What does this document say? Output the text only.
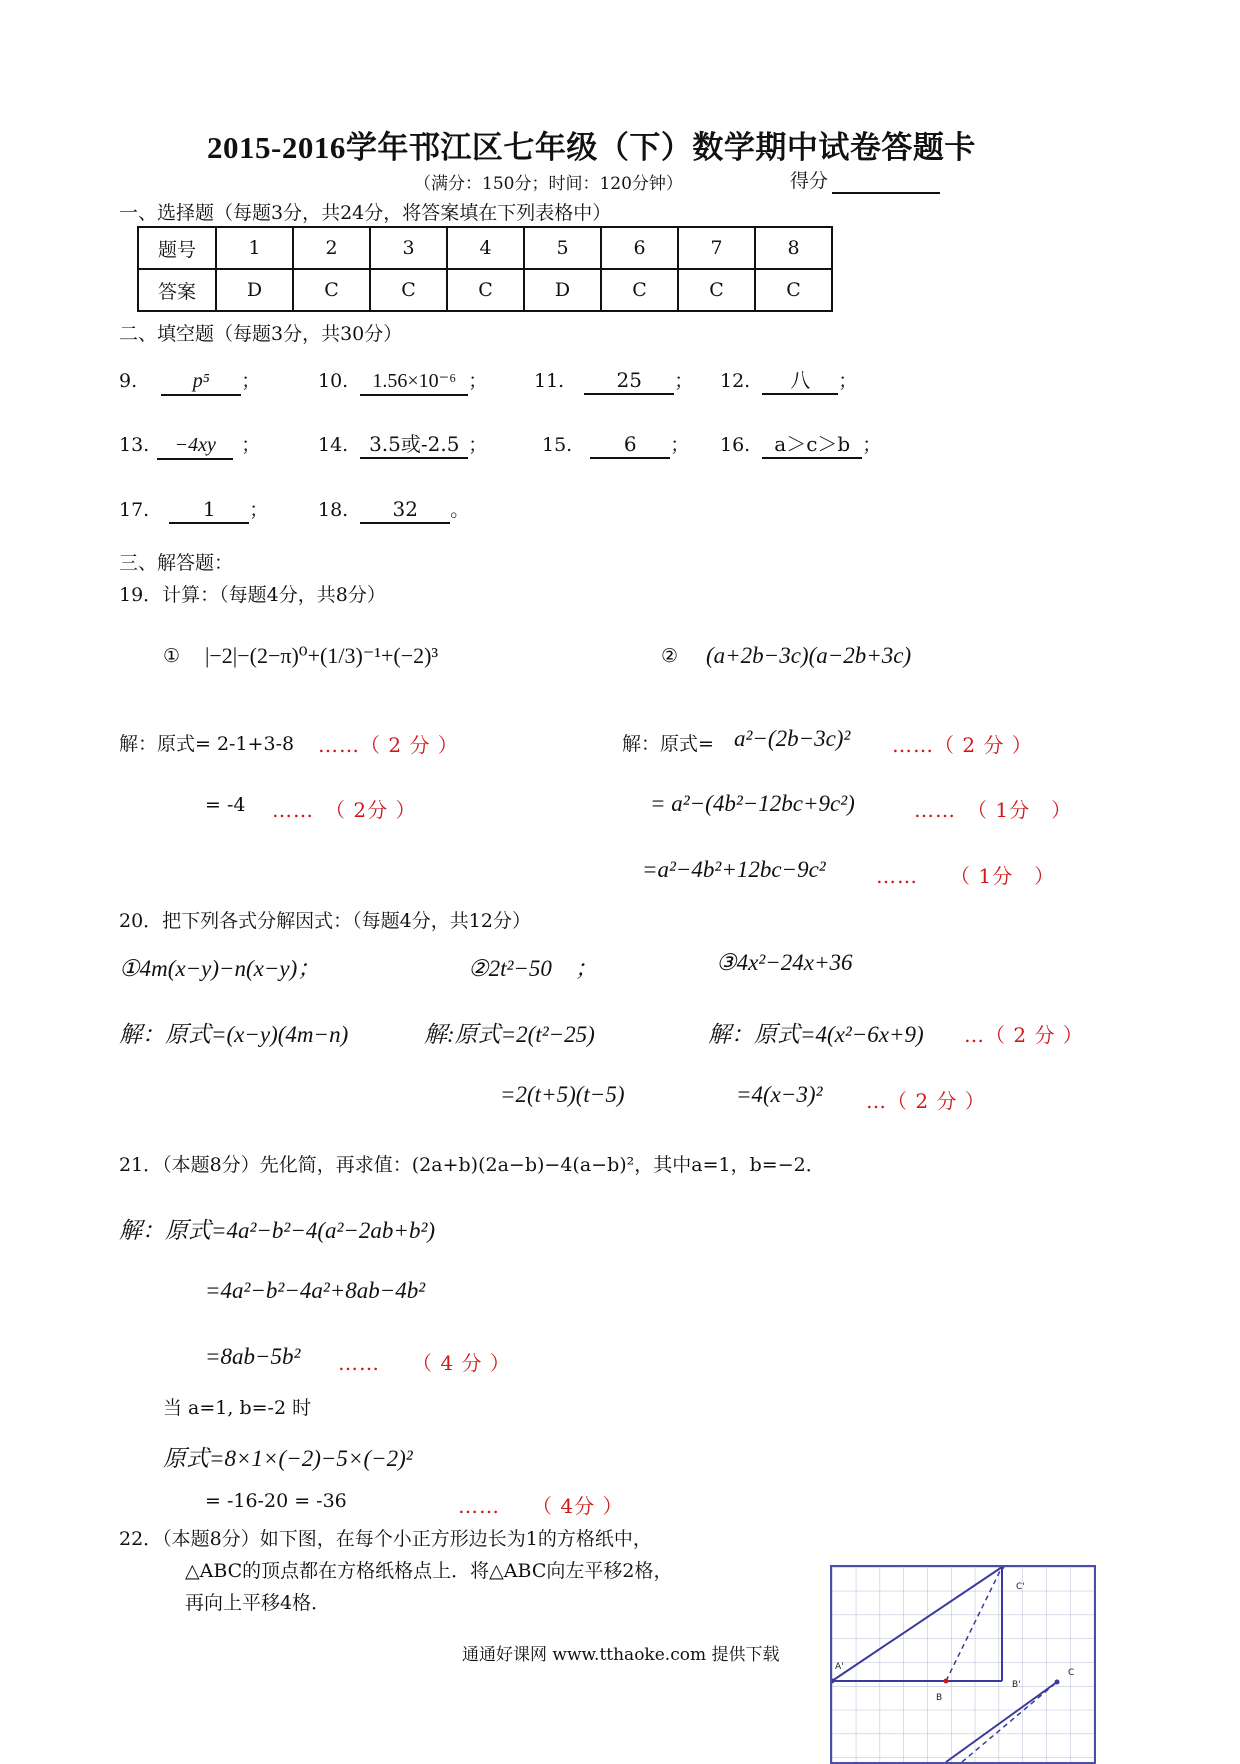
2015-2016学年邗江区七年级（下）数学期中试卷答题卡
（满分：150分；时间：120分钟）	得分
一、选择题（每题3分，共24分，将答案填在下列表格中）
题号	1	2	3	4	5	6	7	8
答案	D	C	C	C	D	C	C	C
二、填空题（每题3分，共30分）
9.	p⁵ ；	10. 1.56×10⁻⁶ ； 11.	25 ； 12. 八 ；
13. −4xy ；	14. 3.5或-2.5 ；	15.	6 ； 16. a＞c＞b ；
17.	1 ；	18. 32 。
三、解答题：
19．计算：（每题4分，共8分）
① |−2|−(2−π)⁰+(1/3)⁻¹+(−2)³	② (a+2b−3c)(a−2b+3c)
解：原式= 2-1+3-8 ……（ 2 分 ）
= -4 ……　（ 2分 ）
解：原式= a²−(2b−3c)² ……（ 2 分 ）
= a²−(4b²−12bc+9c²)	……　（ 1分　）
=a²−4b²+12bc−9c²	……　　（ 1分　）
20．把下列各式分解因式：（每题4分，共12分）
①4m(x−y)−n(x−y)；	②2t²−50　；	③4x²−24x+36
解：原式=(x−y)(4m−n)	解:原式=2(t²−25)
=2(t+5)(t−5)
解：原式=4(x²−6x+9) …（ 2 分 ）
=4(x−3)² …（ 2 分 ）
21．（本题8分）先化简，再求值：(2a+b)(2a−b)−4(a−b)²，其中a=1，b=−2．
解：原式=4a²−b²−4(a²−2ab+b²)
=4a²−b²−4a²+8ab−4b²
=8ab−5b² ……　　（ 4 分 ）
当 a=1, b=-2 时
原式=8×1×(−2)−5×(−2)²
= -16-20 = -36	……　　（ 4分 ）
22．（本题8分）如下图，在每个小正方形边长为1的方格纸中，
△ABC的顶点都在方格纸格点上．将△ABC向左平移2格，
再向上平移4格．
C'
A'
B
B'
C
通通好课网 www.tthaoke.com 提供下载
